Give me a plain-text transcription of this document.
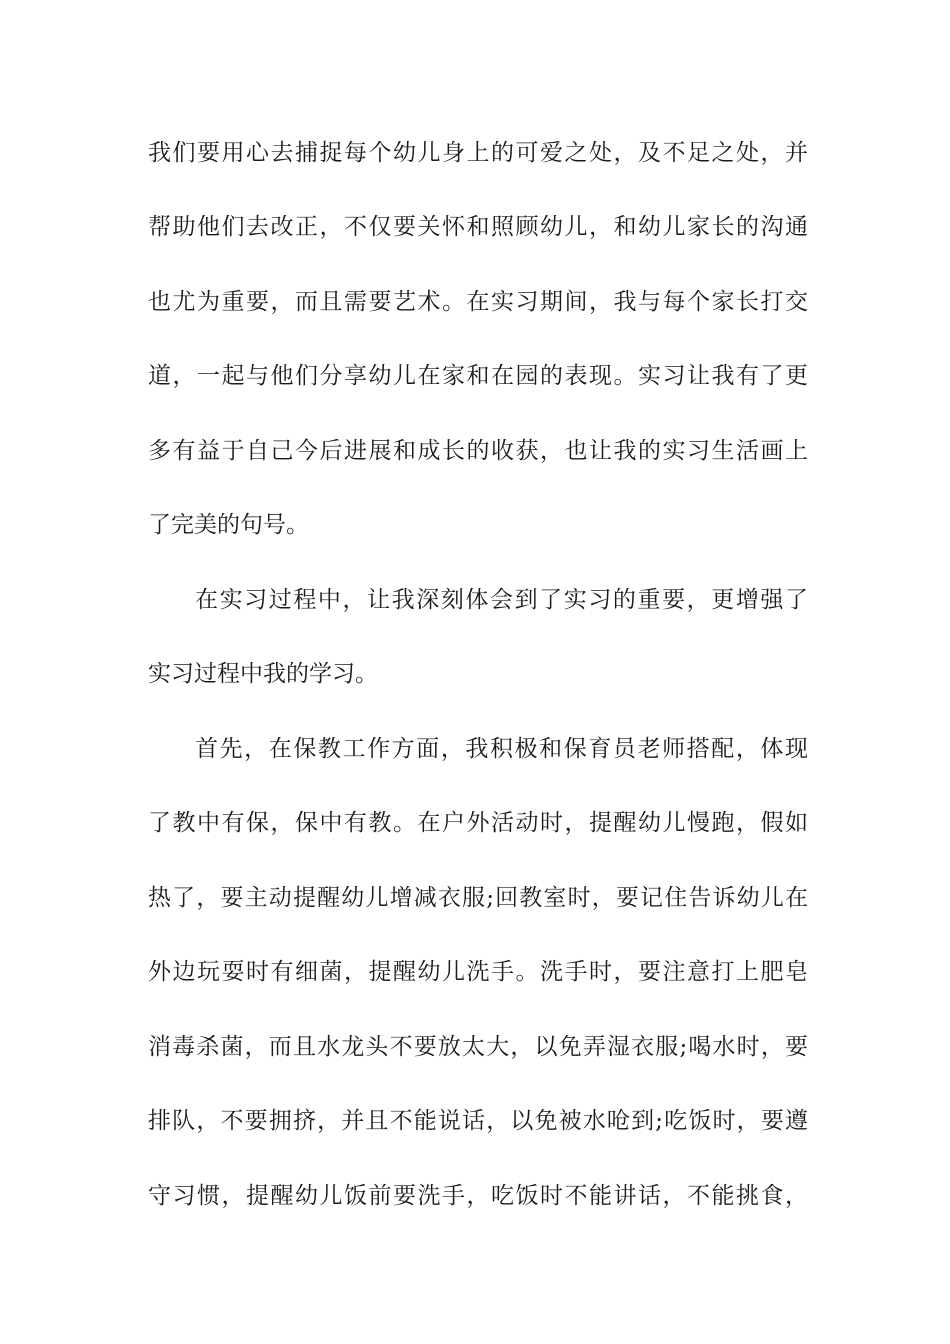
我们要用心去捕捉每个幼儿身上的可爱之处，及不足之处，并
帮助他们去改正，不仅要关怀和照顾幼儿，和幼儿家长的沟通
也尤为重要，而且需要艺术。在实习期间，我与每个家长打交
道，一起与他们分享幼儿在家和在园的表现。实习让我有了更
多有益于自己今后进展和成长的收获，也让我的实习生活画上
了完美的句号。
在实习过程中，让我深刻体会到了实习的重要，更增强了
实习过程中我的学习。
首先，在保教工作方面，我积极和保育员老师搭配，体现
了教中有保，保中有教。在户外活动时，提醒幼儿慢跑，假如
热了，要主动提醒幼儿增减衣服;回教室时，要记住告诉幼儿在
外边玩耍时有细菌，提醒幼儿洗手。洗手时，要注意打上肥皂
消毒杀菌，而且水龙头不要放太大，以免弄湿衣服;喝水时，要
排队，不要拥挤，并且不能说话，以免被水呛到;吃饭时，要遵
守习惯，提醒幼儿饭前要洗手，吃饭时不能讲话，不能挑食，
